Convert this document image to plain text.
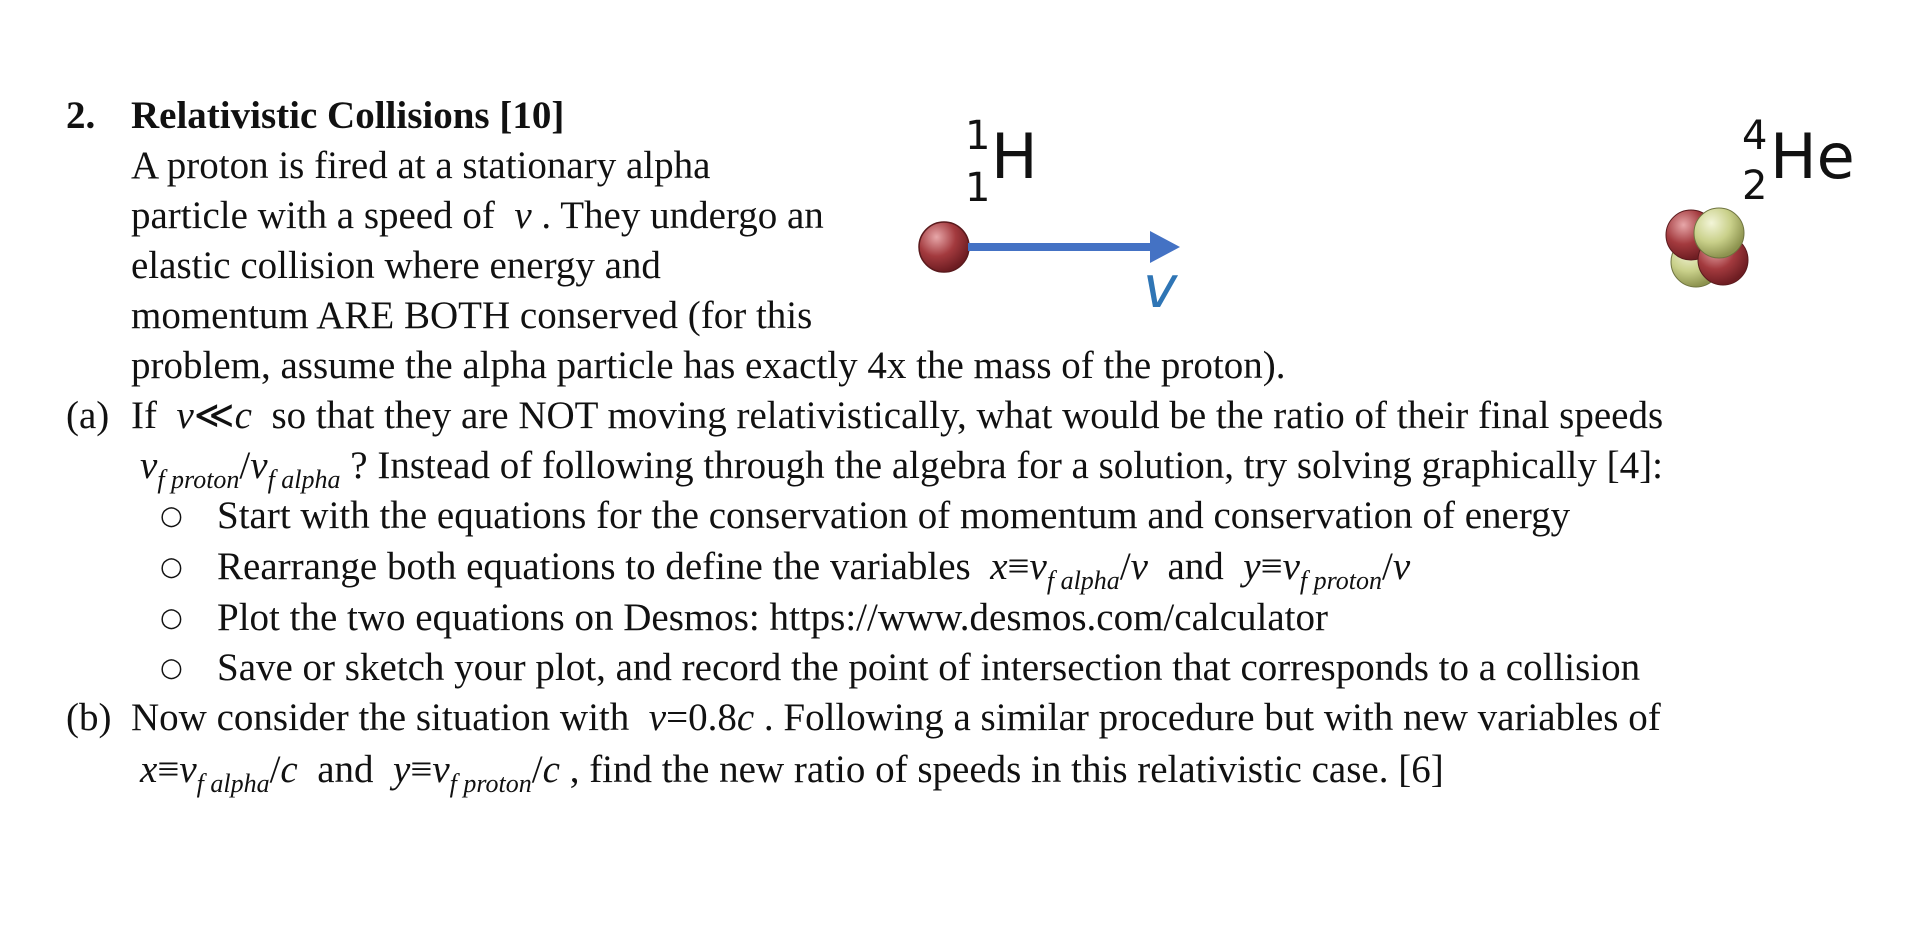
2. Relativistic Collisions [10]
A proton is fired at a stationary alpha
particle with a speed of v . They undergo an
elastic collision where energy and
momentum ARE BOTH conserved (for this
problem, assume the alpha particle has exactly 4x the mass of the proton).
1
1 H
v
4
2 He
(a) If v≪c so that they are NOT moving relativistically, what would be the ratio of their final speeds
$v_{f proton}/v_{f alpha}$ ? Instead of following through the algebra for a solution, try solving graphically [4]:
○ Start with the equations for the conservation of momentum and conservation of energy
○ Rearrange both equations to define the variables $x\equiv v_{f alpha}/v$ and $y\equiv v_{f proton}/v$
○ Plot the two equations on Desmos: https://www.desmos.com/calculator
○ Save or sketch your plot, and record the point of intersection that corresponds to a collision
(b) Now consider the situation with v=0.8c . Following a similar procedure but with new variables of
$x\equiv v_{f alpha}/c$ and $y\equiv v_{f proton}/c$ , find the new ratio of speeds in this relativistic case. [6]
